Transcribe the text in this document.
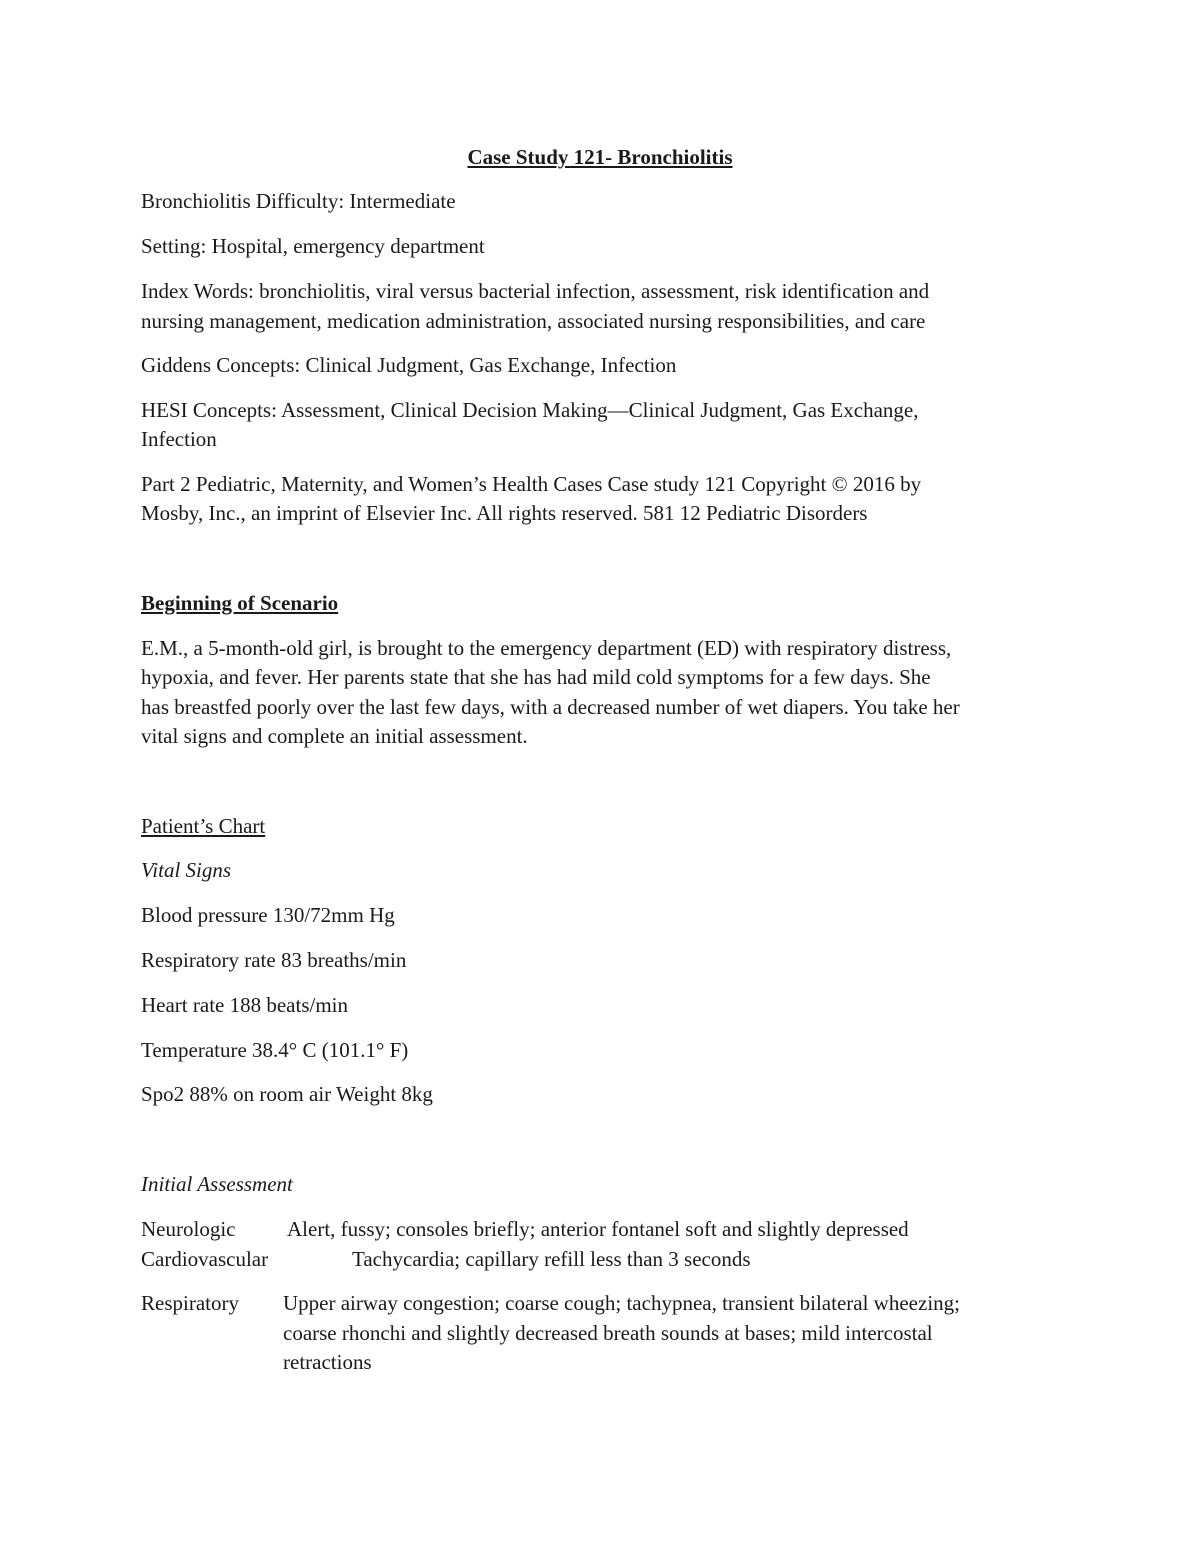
Case Study 121- Bronchiolitis
Bronchiolitis Difficulty: Intermediate
Setting: Hospital, emergency department
Index Words: bronchiolitis, viral versus bacterial infection, assessment, risk identification and
nursing management, medication administration, associated nursing responsibilities, and care
Giddens Concepts: Clinical Judgment, Gas Exchange, Infection
HESI Concepts: Assessment, Clinical Decision Making—Clinical Judgment, Gas Exchange,
Infection
Part 2 Pediatric, Maternity, and Women’s Health Cases Case study 121 Copyright © 2016 by
Mosby, Inc., an imprint of Elsevier Inc. All rights reserved. 581 12 Pediatric Disorders
Beginning of Scenario
E.M., a 5-month-old girl, is brought to the emergency department (ED) with respiratory distress,
hypoxia, and fever. Her parents state that she has had mild cold symptoms for a few days. She
has breastfed poorly over the last few days, with a decreased number of wet diapers. You take her
vital signs and complete an initial assessment.
Patient’s Chart
Vital Signs
Blood pressure 130/72mm Hg
Respiratory rate 83 breaths/min
Heart rate 188 beats/min
Temperature 38.4° C (101.1° F)
Spo2 88% on room air Weight 8kg
Initial Assessment
Neurologic Alert, fussy; consoles briefly; anterior fontanel soft and slightly depressed
Cardiovascular	Tachycardia; capillary refill less than 3 seconds
Respiratory Upper airway congestion; coarse cough; tachypnea, transient bilateral wheezing;
coarse rhonchi and slightly decreased breath sounds at bases; mild intercostal
retractions
